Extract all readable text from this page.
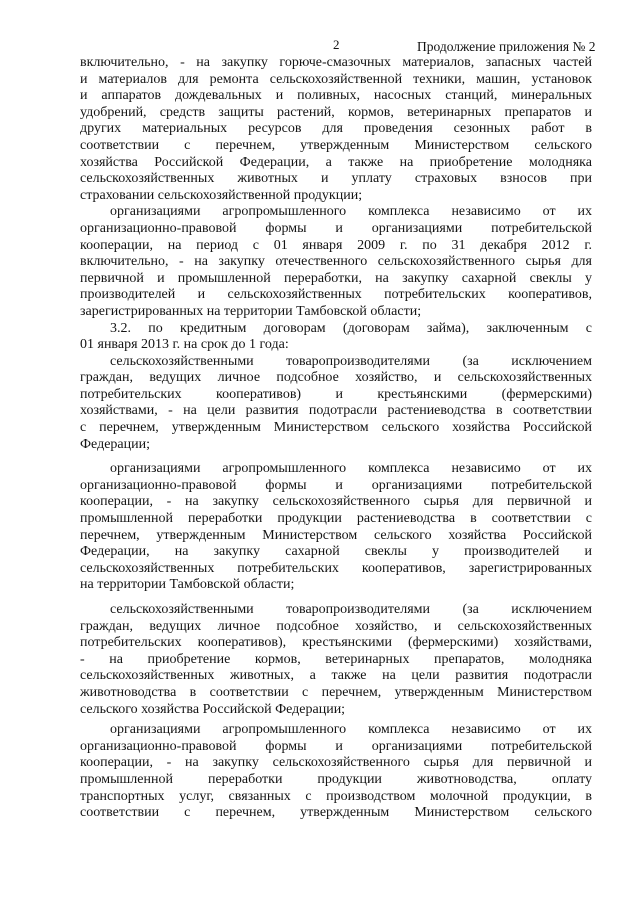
2	Продолжение приложения № 2
включительно, - на закупку горюче-смазочных материалов, запасных частей
и материалов для ремонта сельскохозяйственной техники, машин, установок
и аппаратов дождевальных и поливных, насосных станций, минеральных
удобрений, средств защиты растений, кормов, ветеринарных препаратов и
других материальных ресурсов для проведения сезонных работ в
соответствии с перечнем, утвержденным Министерством сельского
хозяйства Российской Федерации, а также на приобретение молодняка
сельскохозяйственных животных и уплату страховых взносов при
страховании сельскохозяйственной продукции;
организациями агропромышленного комплекса независимо от их
организационно-правовой формы и организациями потребительской
кооперации, на период с 01 января 2009 г. по 31 декабря 2012 г.
включительно, - на закупку отечественного сельскохозяйственного сырья для
первичной и промышленной переработки, на закупку сахарной свеклы у
производителей и сельскохозяйственных потребительских кооперативов,
зарегистрированных на территории Тамбовской области;
3.2. по кредитным договорам (договорам займа), заключенным с
01 января 2013 г. на срок до 1 года:
сельскохозяйственными товаропроизводителями (за исключением
граждан, ведущих личное подсобное хозяйство, и сельскохозяйственных
потребительских кооперативов) и крестьянскими (фермерскими)
хозяйствами, - на цели развития подотрасли растениеводства в соответствии
с перечнем, утвержденным Министерством сельского хозяйства Российской
Федерации;
организациями агропромышленного комплекса независимо от их
организационно-правовой формы и организациями потребительской
кооперации, - на закупку сельскохозяйственного сырья для первичной и
промышленной переработки продукции растениеводства в соответствии с
перечнем, утвержденным Министерством сельского хозяйства Российской
Федерации, на закупку сахарной свеклы у производителей и
сельскохозяйственных потребительских кооперативов, зарегистрированных
на территории Тамбовской области;
сельскохозяйственными товаропроизводителями (за исключением
граждан, ведущих личное подсобное хозяйство, и сельскохозяйственных
потребительских кооперативов), крестьянскими (фермерскими) хозяйствами,
- на приобретение кормов, ветеринарных препаратов, молодняка
сельскохозяйственных животных, а также на цели развития подотрасли
животноводства в соответствии с перечнем, утвержденным Министерством
сельского хозяйства Российской Федерации;
организациями агропромышленного комплекса независимо от их
организационно-правовой формы и организациями потребительской
кооперации, - на закупку сельскохозяйственного сырья для первичной и
промышленной переработки продукции животноводства, оплату
транспортных услуг, связанных с производством молочной продукции, в
соответствии с перечнем, утвержденным Министерством сельского
